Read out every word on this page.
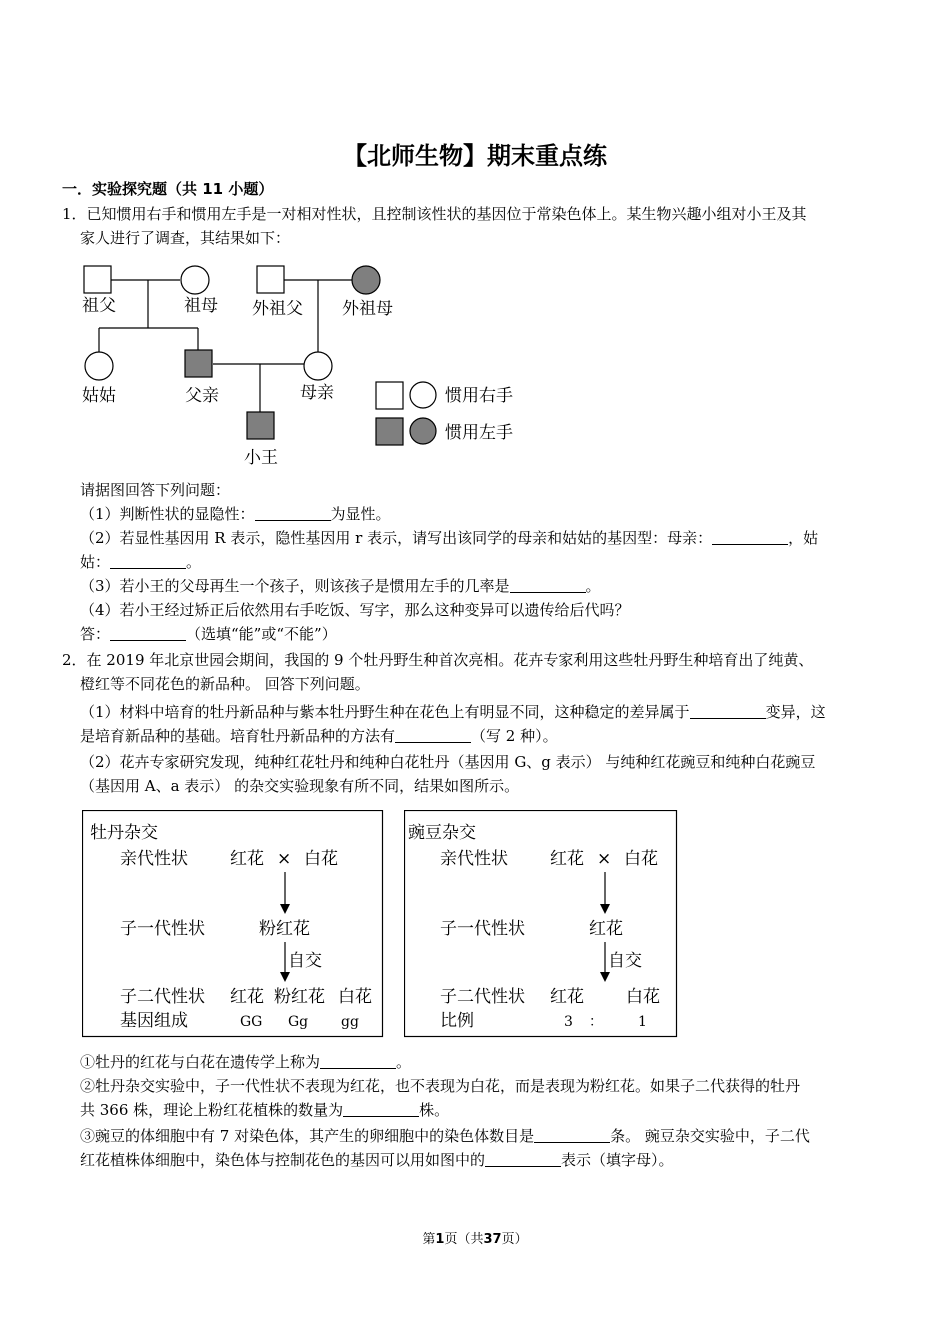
【北师生物】期末重点练
一．实验探究题（共 11 小题）
1．已知惯用右手和惯用左手是一对相对性状，且控制该性状的基因位于常染色体上。某生物兴趣小组对小王及其
家人进行了调查，其结果如下：
祖父	祖母 外祖父 外祖母
姑姑	父亲	母亲
小王
惯用右手
惯用左手
请据图回答下列问题：
（1）判断性状的显隐性：	为显性。
（2）若显性基因用 R 表示，隐性基因用 r 表示，请写出该同学的母亲和姑姑的基因型：母亲：	，姑
姑：	。
（3）若小王的父母再生一个孩子，则该孩子是惯用左手的几率是	。
（4）若小王经过矫正后依然用右手吃饭、写字，那么这种变异可以遗传给后代吗？
答：	（选填“能”或“不能”）
2．在 2019 年北京世园会期间，我国的 9 个牡丹野生种首次亮相。花卉专家利用这些牡丹野生种培育出了纯黄、
橙红等不同花色的新品种。 回答下列问题。
（1）材料中培育的牡丹新品种与紫本牡丹野生种在花色上有明显不同，这种稳定的差异属于	变异，这
是培育新品种的基础。培育牡丹新品种的方法有	（写 2 种）。
（2）花卉专家研究发现，纯种红花牡丹和纯种白花牡丹（基因用 G、g 表示） 与纯种红花豌豆和纯种白花豌豆
（基因用 A、a 表示） 的杂交实验现象有所不同，结果如图所示。
牡丹杂交
亲代性状 红花 × 白花
子一代性状	粉红花
自交
子二代性状 红花 粉红花 白花
基因组成	GG Gg gg
豌豆杂交
亲代性状 红花 × 白花
子一代性状	红花
自交
子二代性状 红花 白花
比例	3 ：	1
①牡丹的红花与白花在遗传学上称为	。
②牡丹杂交实验中，子一代性状不表现为红花，也不表现为白花，而是表现为粉红花。如果子二代获得的牡丹
共 366 株，理论上粉红花植株的数量为	株。
③豌豆的体细胞中有 7 对染色体，其产生的卵细胞中的染色体数目是	条。 豌豆杂交实验中，子二代
红花植株体细胞中，染色体与控制花色的基因可以用如图中的	表示（填字母）。
第1页（共37页）
